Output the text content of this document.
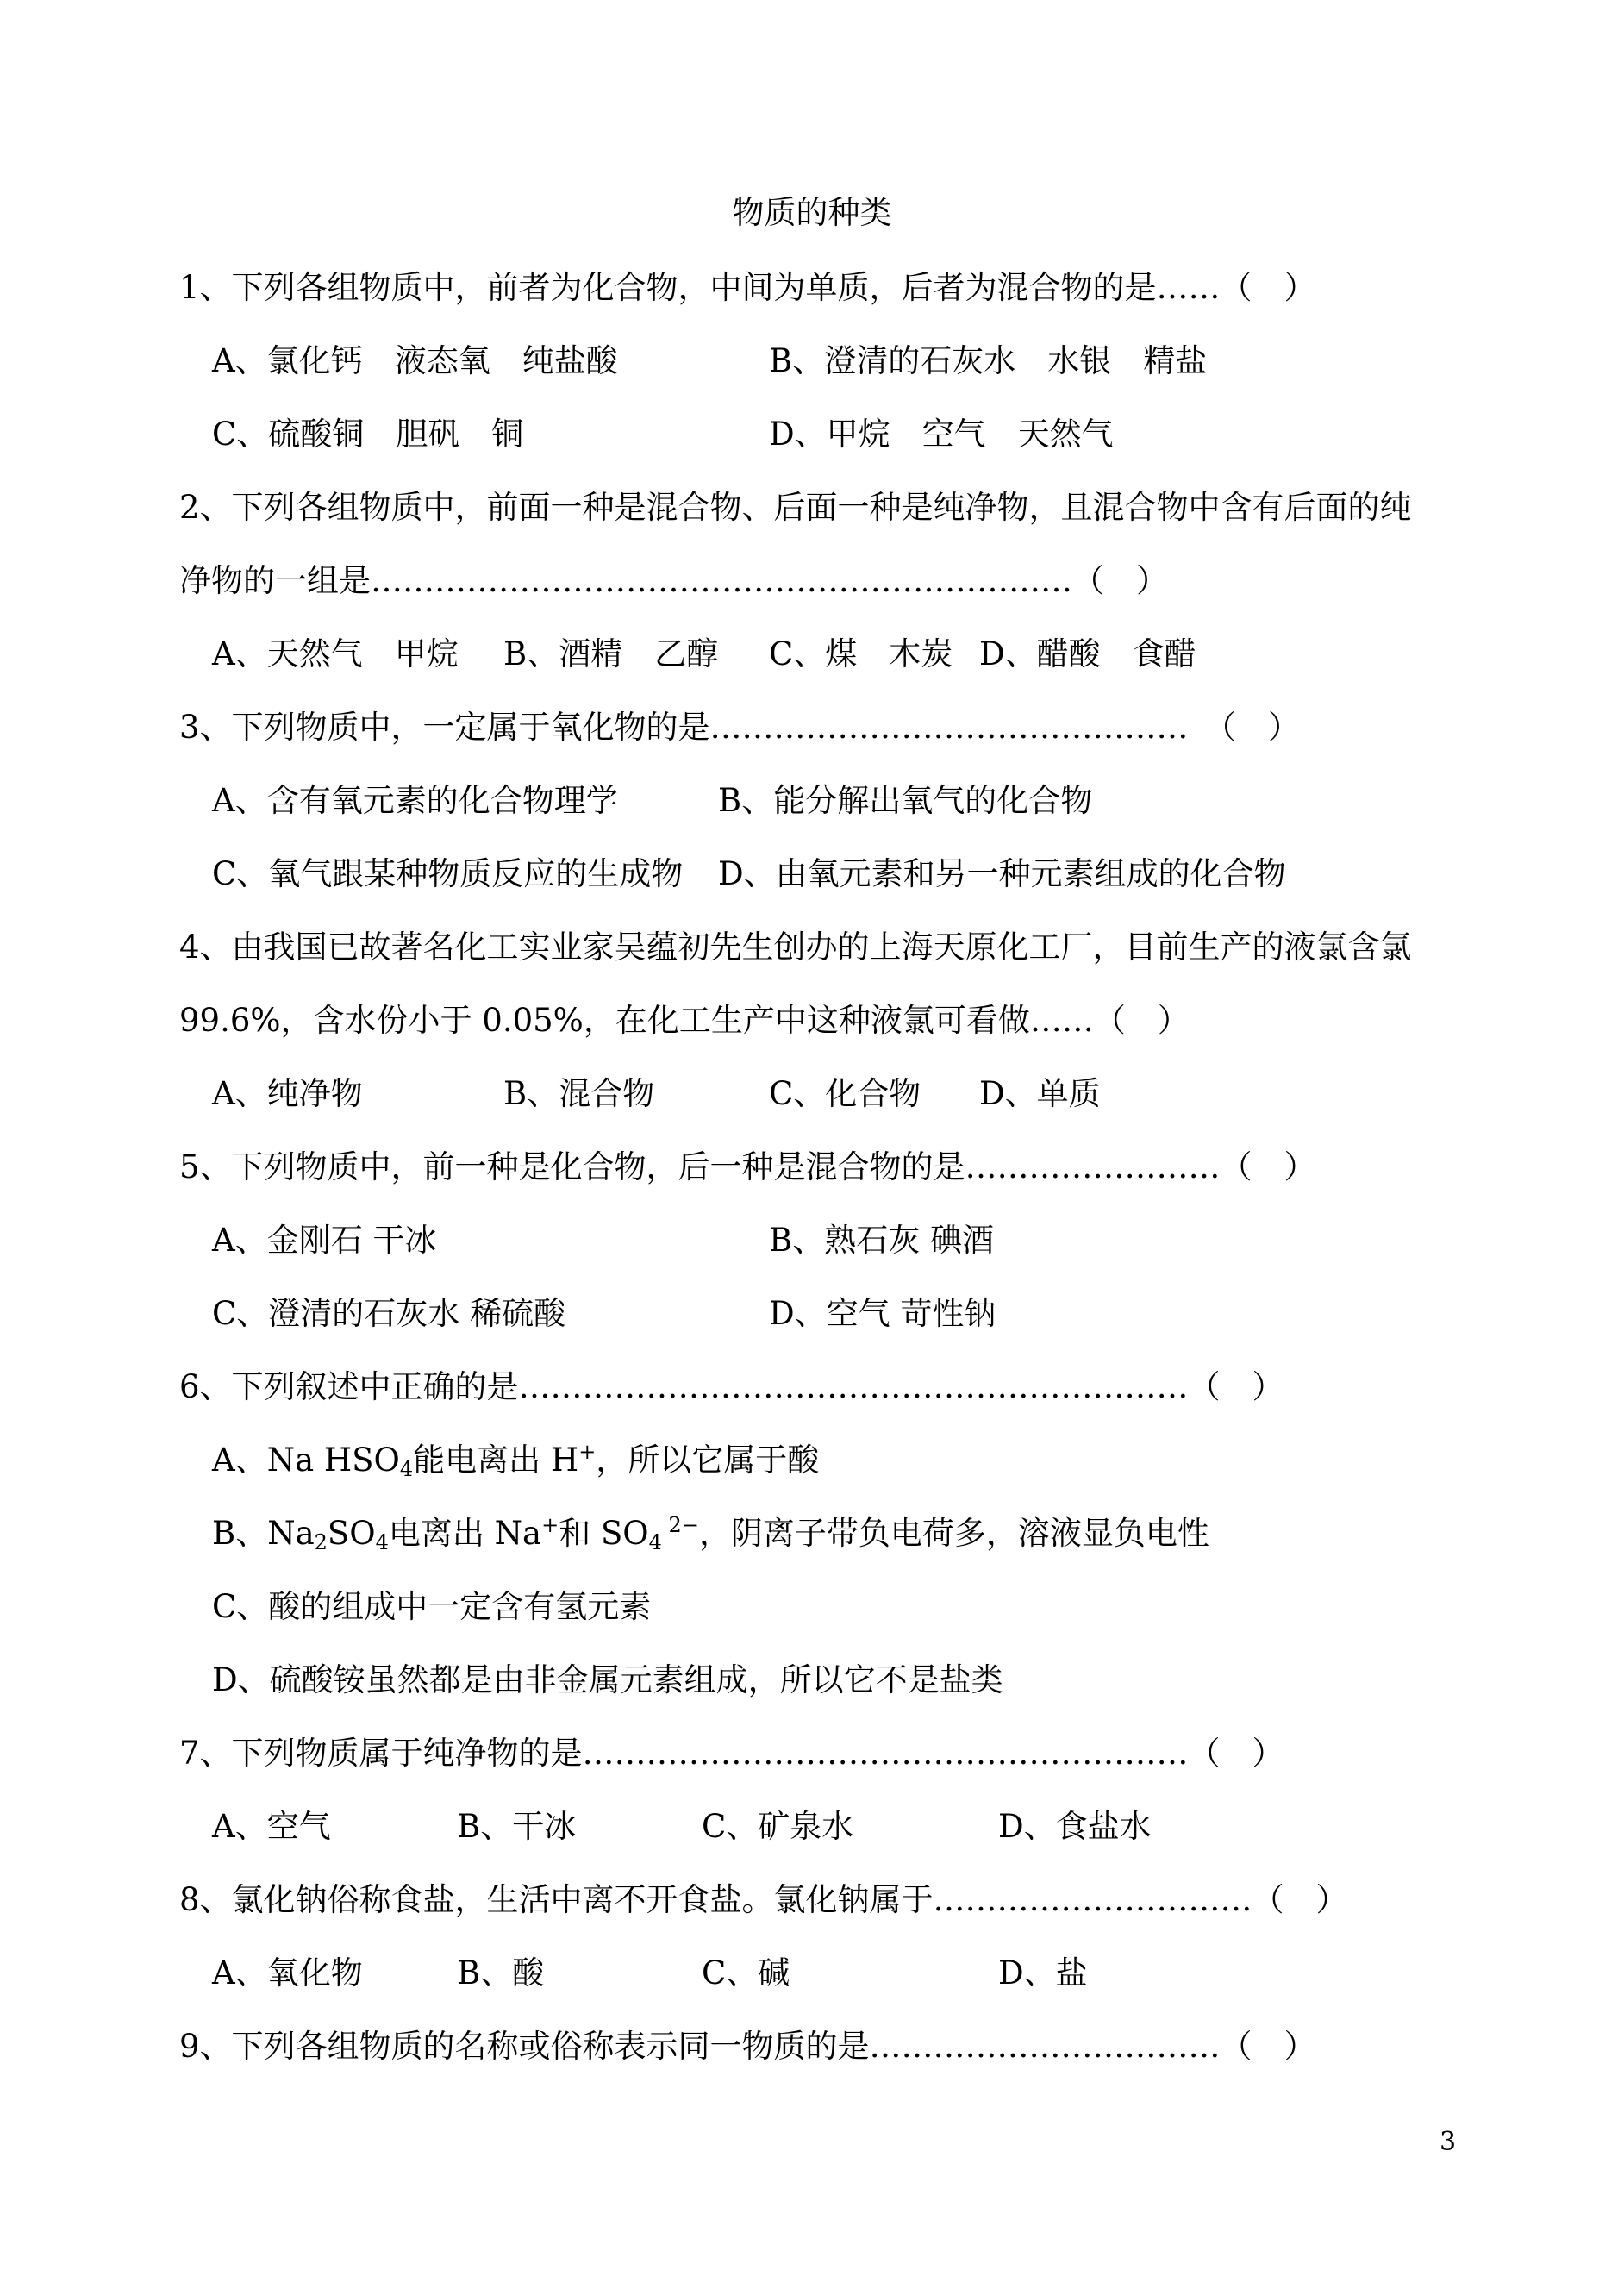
物质的种类
1、下列各组物质中，前者为化合物，中间为单质，后者为混合物的是……（　）
A、氯化钙　液态氧　纯盐酸	B、澄清的石灰水　水银　精盐
C、硫酸铜　胆矾　铜	D、甲烷　空气　天然气
2、下列各组物质中，前面一种是混合物、后面一种是纯净物，且混合物中含有后面的纯
净物的一组是…………………………………………………………（　）
A、天然气　甲烷 B、酒精　乙醇 C、煤　木炭 D、醋酸　食醋
3、下列物质中，一定属于氧化物的是………………………………………　（　）
A、含有氧元素的化合物理学	B、能分解出氧气的化合物
C、氧气跟某种物质反应的生成物 D、由氧元素和另一种元素组成的化合物
4、由我国已故著名化工实业家吴蕴初先生创办的上海天原化工厂，目前生产的液氯含氯
99.6%，含水份小于 0.05%，在化工生产中这种液氯可看做……（　）
A、纯净物	B、混合物	C、化合物 D、单质
5、下列物质中，前一种是化合物，后一种是混合物的是……………………（　）
A、金刚石 干冰	B、熟石灰 碘酒
C、澄清的石灰水 稀硫酸	D、空气 苛性钠
6、下列叙述中正确的是………………………………………………………（　）
A、Na $HSO_4$能电离出 H+，所以它属于酸
B、$Na_2SO_4$电离出 Na+和 $SO_4$ $^{2-}$，阴离子带负电荷多，溶液显负电性
C、酸的组成中一定含有氢元素
D、硫酸铵虽然都是由非金属元素组成，所以它不是盐类
7、下列物质属于纯净物的是…………………………………………………（　）
A、空气	B、干冰	C、矿泉水	D、食盐水
8、氯化钠俗称食盐，生活中离不开食盐。氯化钠属于…………………………（　）
A、氧化物	B、酸	C、碱	D、盐
9、下列各组物质的名称或俗称表示同一物质的是……………………………（　）
3
